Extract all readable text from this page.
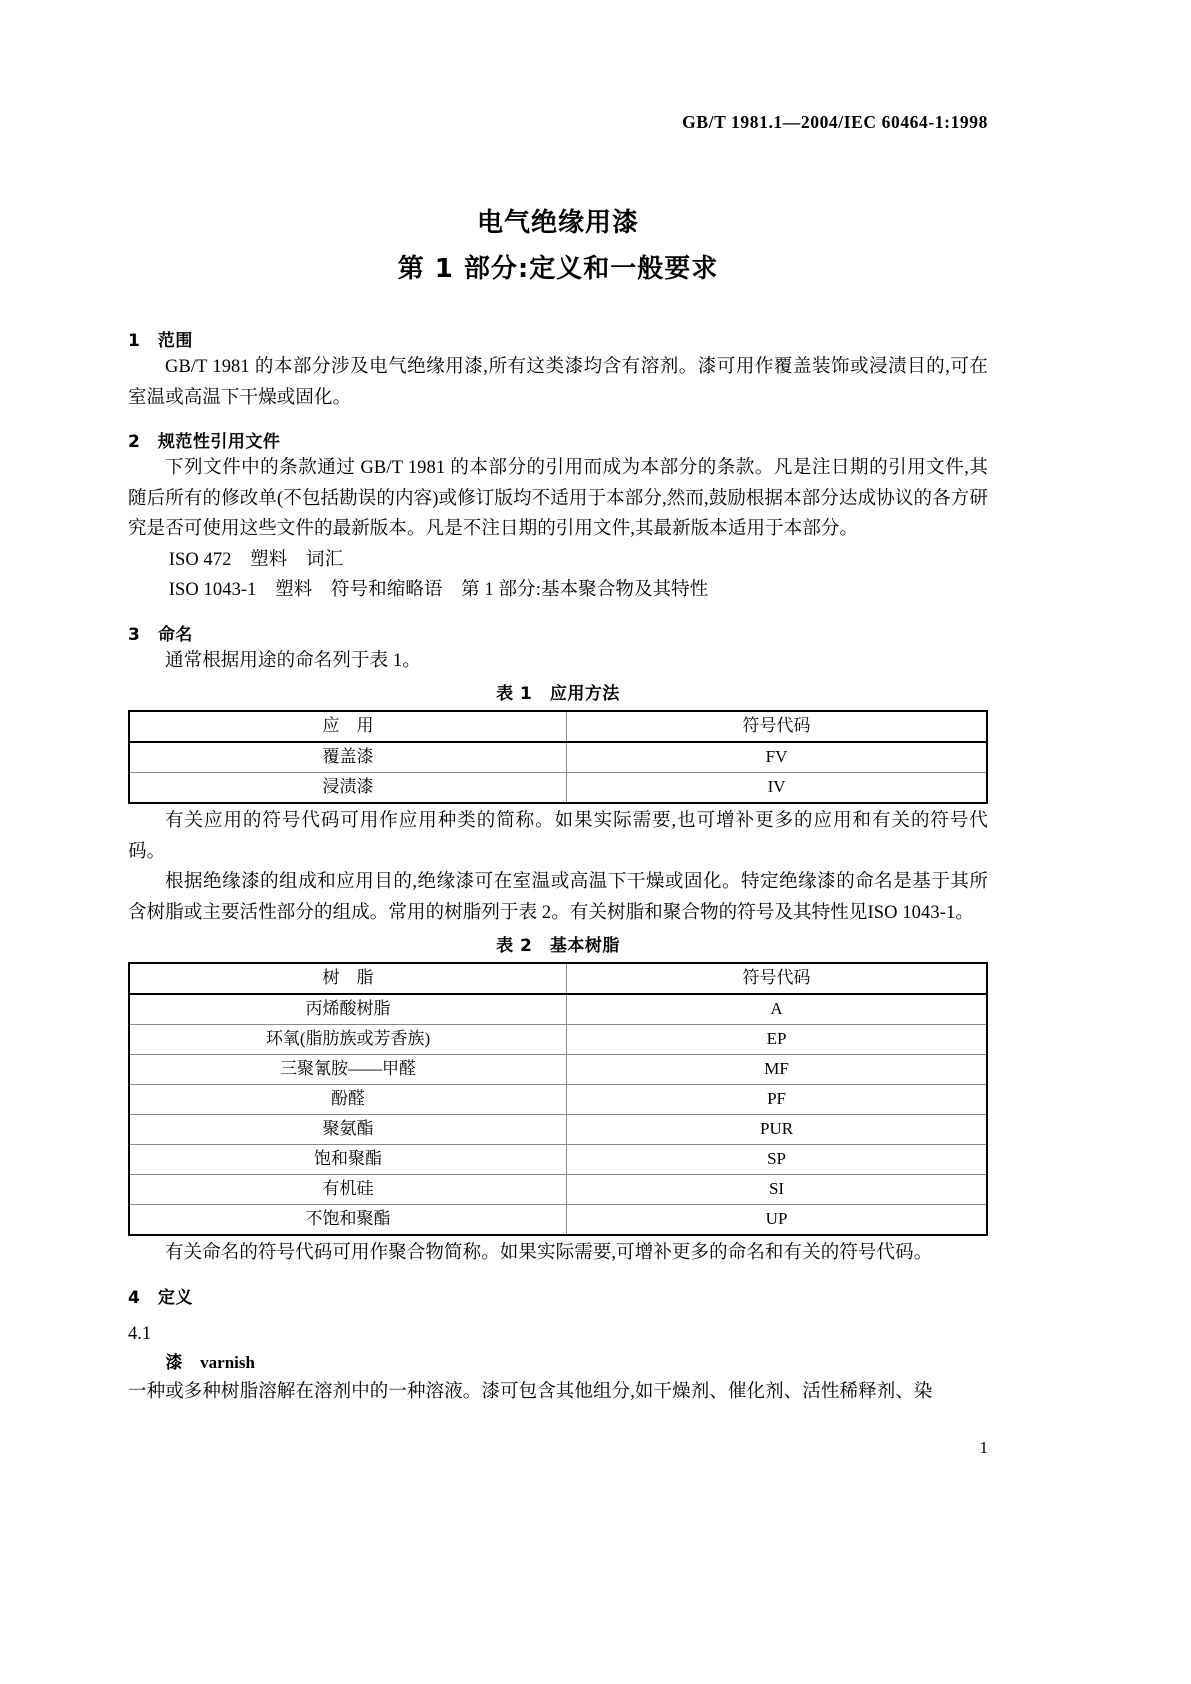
GB/T 1981.1—2004/IEC 60464-1:1998
电气绝缘用漆
第 1 部分:定义和一般要求
1　范围

GB/T 1981 的本部分涉及电气绝缘用漆,所有这类漆均含有溶剂。漆可用作覆盖装饰或浸渍目的,可在室温或高温下干燥或固化。

2　规范性引用文件

下列文件中的条款通过 GB/T 1981 的本部分的引用而成为本部分的条款。凡是注日期的引用文件,其随后所有的修改单(不包括勘误的内容)或修订版均不适用于本部分,然而,鼓励根据本部分达成协议的各方研究是否可使用这些文件的最新版本。凡是不注日期的引用文件,其最新版本适用于本部分。

ISO 472　塑料　词汇

ISO 1043-1　塑料　符号和缩略语　第 1 部分:基本聚合物及其特性

3　命名

通常根据用途的命名列于表 1。

表 1　应用方法
应　用	符号代码
覆盖漆	FV
浸渍漆	IV

有关应用的符号代码可用作应用种类的简称。如果实际需要,也可增补更多的应用和有关的符号代码。

根据绝缘漆的组成和应用目的,绝缘漆可在室温或高温下干燥或固化。特定绝缘漆的命名是基于其所含树脂或主要活性部分的组成。常用的树脂列于表 2。有关树脂和聚合物的符号及其特性见ISO 1043-1。

表 2　基本树脂
树　脂	符号代码
丙烯酸树脂	A
环氧(脂肪族或芳香族)	EP
三聚氰胺——甲醛	MF
酚醛	PF
聚氨酯	PUR
饱和聚酯	SP
有机硅	SI
不饱和聚酯	UP

有关命名的符号代码可用作聚合物简称。如果实际需要,可增补更多的命名和有关的符号代码。

4　定义

4.1

漆 varnish

一种或多种树脂溶解在溶剂中的一种溶液。漆可包含其他组分,如干燥剂、催化剂、活性稀释剂、染

1
